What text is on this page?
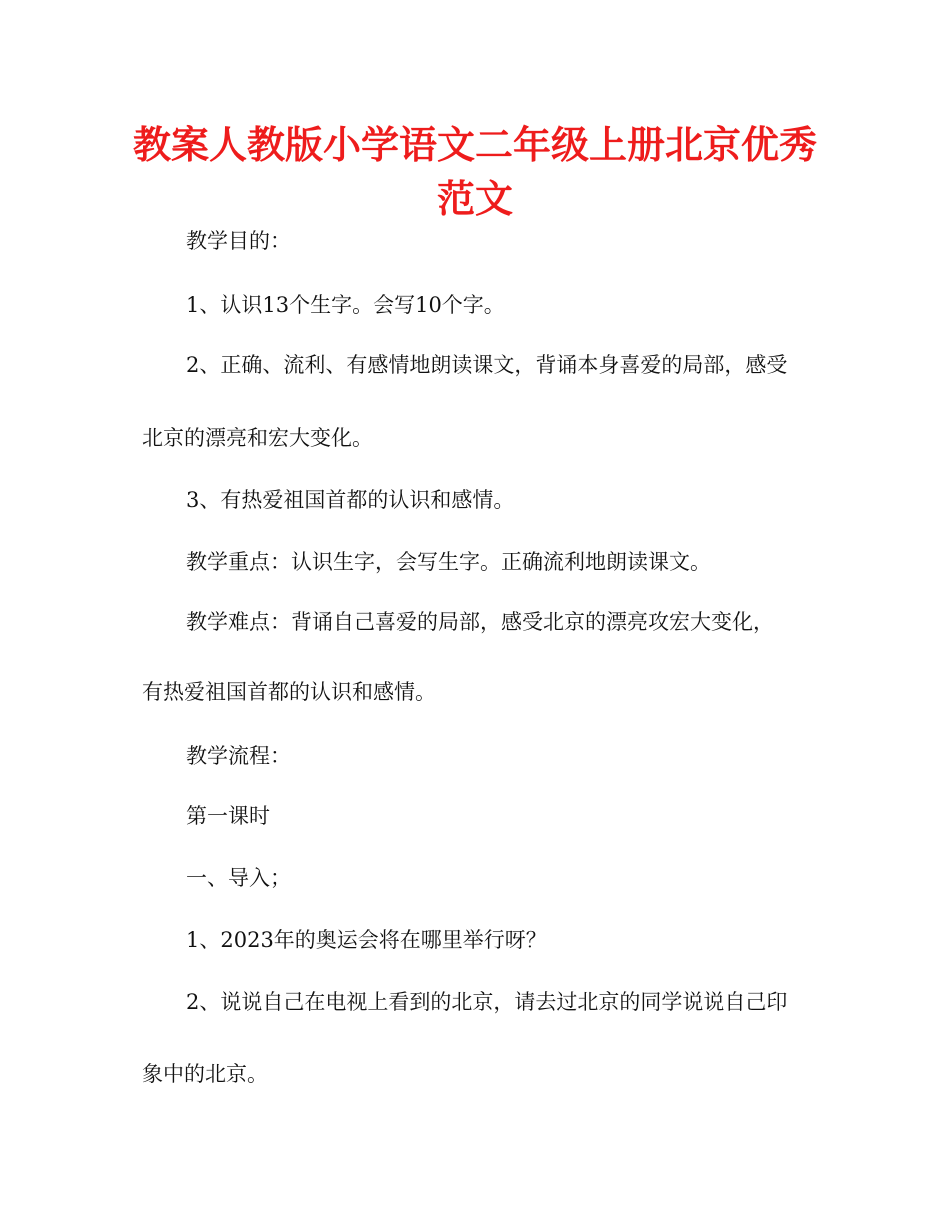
教案人教版小学语文二年级上册北京优秀范文

教学目的：

1、认识13个生字。会写10个字。

2、正确、流利、有感情地朗读课文，背诵本身喜爱的局部，感受

北京的漂亮和宏大变化。

3、有热爱祖国首都的认识和感情。

教学重点：认识生字，会写生字。正确流利地朗读课文。

教学难点：背诵自己喜爱的局部，感受北京的漂亮攻宏大变化，

有热爱祖国首都的认识和感情。

教学流程：

第一课时

一、导入；

1、2023年的奥运会将在哪里举行呀？

2、说说自己在电视上看到的北京，请去过北京的同学说说自己印

象中的北京。
